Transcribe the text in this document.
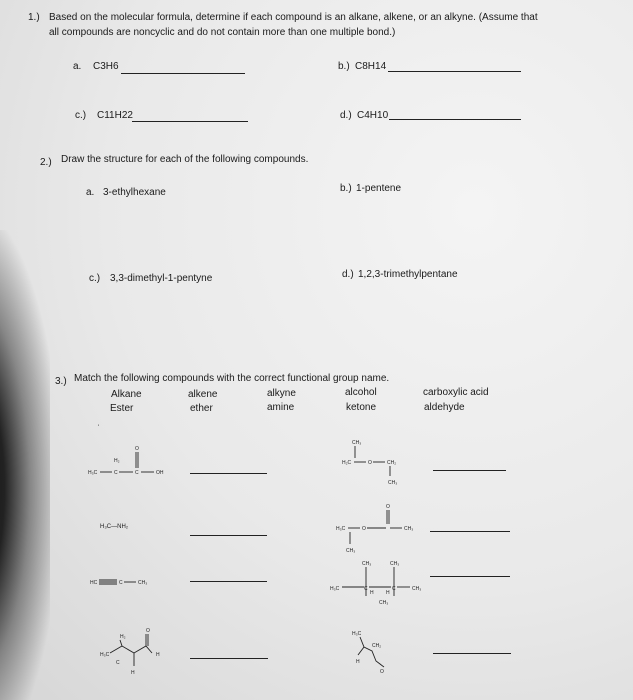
1.) Based on the molecular formula, determine if each compound is an alkane, alkene, or an alkyne. (Assume that
all compounds are noncyclic and do not contain more than one multiple bond.)
a. C3H6	b.) C8H14
c.) C11H22	d.) C4H10
2.) Draw the structure for each of the following compounds.
a. 3-ethylhexane	b.) 1-pentene
c.) 3,3-dimethyl-1-pentyne	d.) 1,2,3-trimethylpentane
3.) Match the following compounds with the correct functional group name.
Alkane	alkene	alkyne	alcohol	carboxylic acid
Ester	ether	amine	ketone	aldehyde
H₃C
H₂
C	C
O
OH
CH₃
H₂C	O	CH₂
CH₃
H₃C—NH₂
O
H₃C	O	CH₃
CH₃
HC	C	CH₃
CH₃	CH₃
H₃C	C	C	CH₃
H H
CH₃
H₃C
H₂
H
O
H
C
H₃C
CH₂
H
O
'
